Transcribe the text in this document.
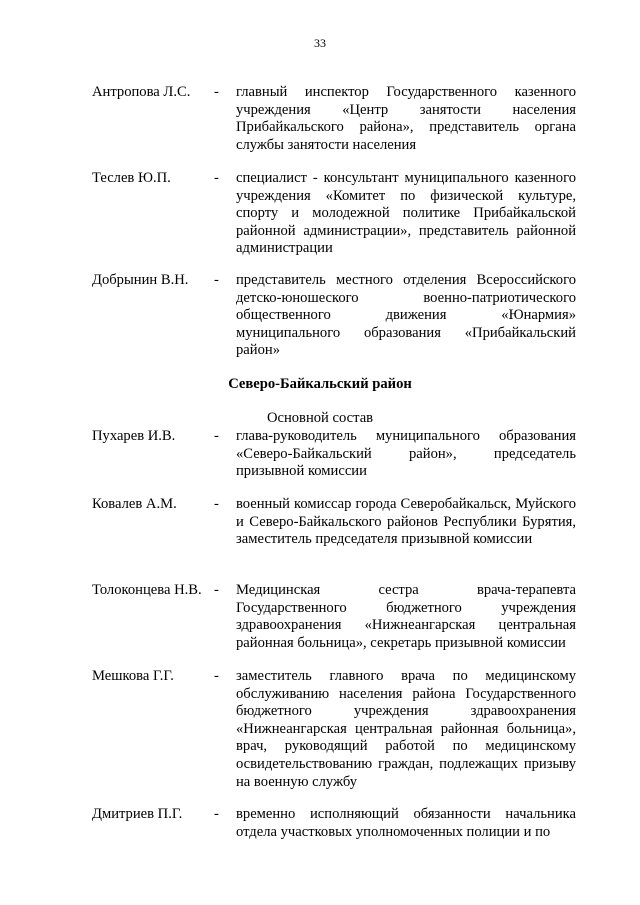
33
Антропова Л.С.	-	главный инспектор Государственного казенного учреждения «Центр занятости населения Прибайкальского района», представитель органа службы занятости населения
Теслев Ю.П.	-	специалист - консультант муниципального казенного учреждения «Комитет по физической культуре, спорту и молодежной политике Прибайкальской районной администрации», представитель районной администрации
Добрынин В.Н.	-	представитель местного отделения Всероссийского детско-юношеского военно-патриотического общественного движения «Юнармия» муниципального образования «Прибайкальский район»
Северо-Байкальский район
Основной состав
Пухарев И.В.	-	глава-руководитель муниципального образования «Северо-Байкальский район», председатель призывной комиссии
Ковалев А.М.	-	военный комиссар города Северобайкальск, Муйского и Северо-Байкальского районов Республики Бурятия, заместитель председателя призывной комиссии
Толоконцева Н.В. -	Медицинская сестра врача-терапевта Государственного бюджетного учреждения здравоохранения «Нижнеангарская центральная районная больница», секретарь призывной комиссии
Мешкова Г.Г.	-	заместитель главного врача по медицинскому обслуживанию населения района Государственного бюджетного учреждения здравоохранения «Нижнеангарская центральная районная больница», врач, руководящий работой по медицинскому освидетельствованию граждан, подлежащих призыву на военную службу
Дмитриев П.Г.	-	временно исполняющий обязанности начальника отдела участковых уполномоченных полиции и по
